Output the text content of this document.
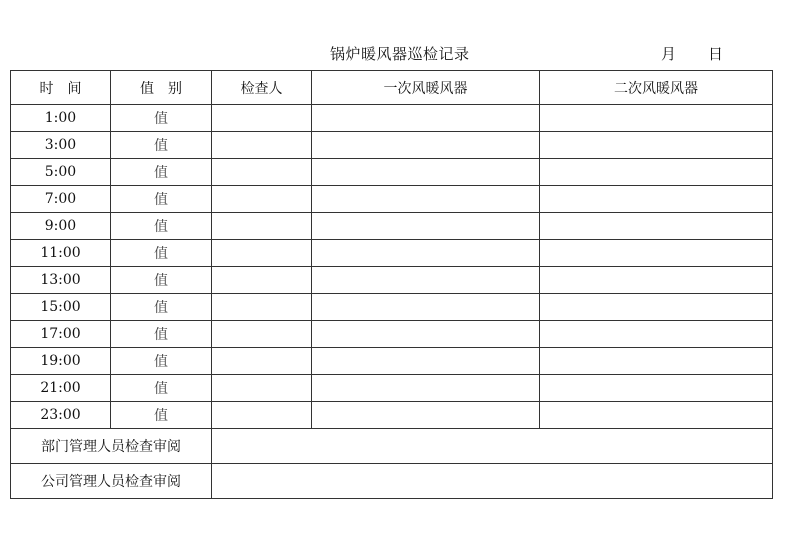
锅炉暖风器巡检记录	月 日
时　间	值　别	检查人	一次风暖风器	二次风暖风器
1:00	值			
3:00	值			
5:00	值			
7:00	值			
9:00	值			
11:00	值			
13:00	值			
15:00	值			
17:00	值			
19:00	值			
21:00	值			
23:00	值			
部门管理人员检查审阅				
公司管理人员检查审阅				
